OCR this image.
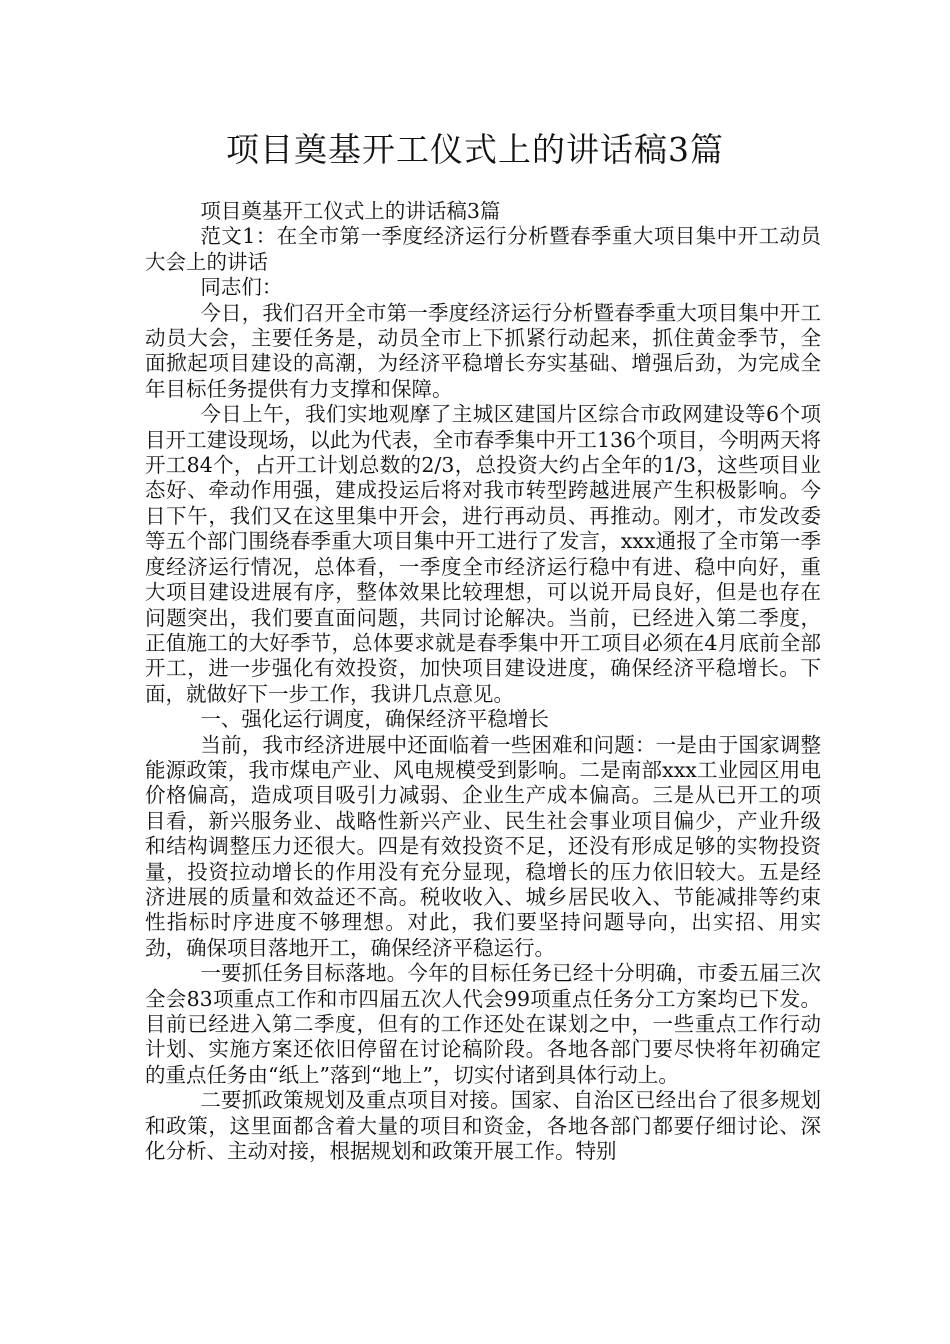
项目奠基开工仪式上的讲话稿3篇

项目奠基开工仪式上的讲话稿3篇

范文1：在全市第一季度经济运行分析暨春季重大项目集中开工动员大会上的讲话

同志们：

今日，我们召开全市第一季度经济运行分析暨春季重大项目集中开工动员大会，主要任务是，动员全市上下抓紧行动起来，抓住黄金季节，全面掀起项目建设的高潮，为经济平稳增长夯实基础、增强后劲，为完成全年目标任务提供有力支撑和保障。

今日上午，我们实地观摩了主城区建国片区综合市政网建设等6个项目开工建设现场，以此为代表，全市春季集中开工136个项目，今明两天将开工84个，占开工计划总数的2/3，总投资大约占全年的1/3，这些项目业态好、牵动作用强，建成投运后将对我市转型跨越进展产生积极影响。今日下午，我们又在这里集中开会，进行再动员、再推动。刚才，市发改委等五个部门围绕春季重大项目集中开工进行了发言，xxx通报了全市第一季度经济运行情况，总体看，一季度全市经济运行稳中有进、稳中向好，重大项目建设进展有序，整体效果比较理想，可以说开局良好，但是也存在问题突出，我们要直面问题，共同讨论解决。当前，已经进入第二季度，正值施工的大好季节，总体要求就是春季集中开工项目必须在4月底前全部开工，进一步强化有效投资，加快项目建设进度，确保经济平稳增长。下面，就做好下一步工作，我讲几点意见。

一、强化运行调度，确保经济平稳增长

当前，我市经济进展中还面临着一些困难和问题：一是由于国家调整能源政策，我市煤电产业、风电规模受到影响。二是南部xxx工业园区用电价格偏高，造成项目吸引力减弱、企业生产成本偏高。三是从已开工的项目看，新兴服务业、战略性新兴产业、民生社会事业项目偏少，产业升级和结构调整压力还很大。四是有效投资不足，还没有形成足够的实物投资量，投资拉动增长的作用没有充分显现，稳增长的压力依旧较大。五是经济进展的质量和效益还不高。税收收入、城乡居民收入、节能减排等约束性指标时序进度不够理想。对此，我们要坚持问题导向，出实招、用实劲，确保项目落地开工，确保经济平稳运行。

一要抓任务目标落地。今年的目标任务已经十分明确，市委五届三次全会83项重点工作和市四届五次人代会99项重点任务分工方案均已下发。目前已经进入第二季度，但有的工作还处在谋划之中，一些重点工作行动计划、实施方案还依旧停留在讨论稿阶段。各地各部门要尽快将年初确定的重点任务由“纸上”落到“地上”，切实付诸到具体行动上。

二要抓政策规划及重点项目对接。国家、自治区已经出台了很多规划和政策，这里面都含着大量的项目和资金，各地各部门都要仔细讨论、深化分析、主动对接，根据规划和政策开展工作。特别
